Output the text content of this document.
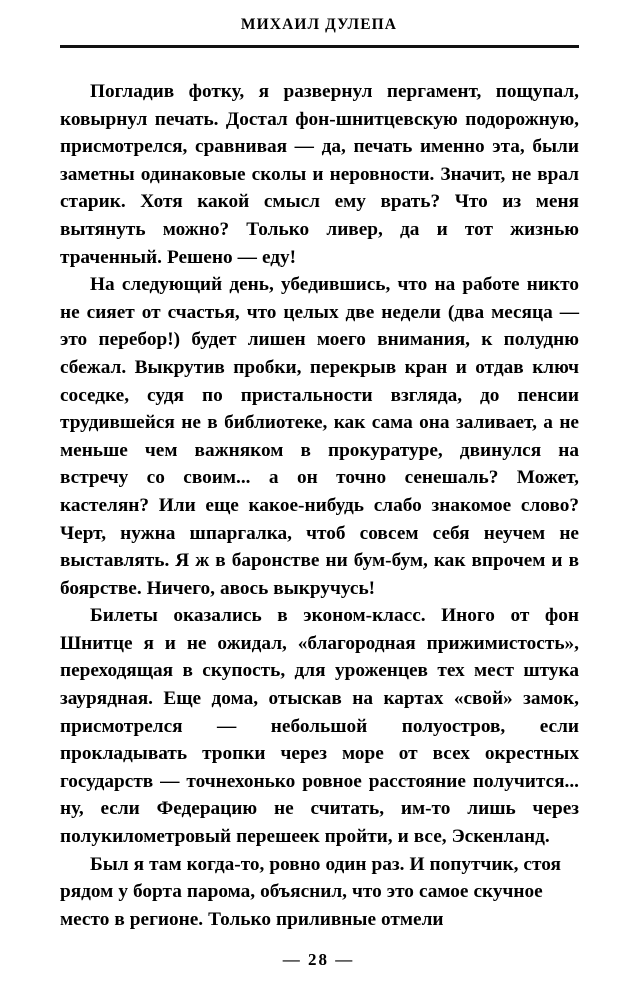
МИХАИЛ ДУЛЕПА

Погладив фотку, я развернул пергамент, пощупал, ковырнул печать. Достал фон-шнитцевскую подорожную, присмотрелся, сравнивая — да, печать именно эта, были заметны одинаковые сколы и неровности. Значит, не врал старик. Хотя какой смысл ему врать? Что из меня вытянуть можно? Только ливер, да и тот жизнью траченный. Решено — еду!

На следующий день, убедившись, что на работе никто не сияет от счастья, что целых две недели (два месяца — это перебор!) будет лишен моего внимания, к полудню сбежал. Выкрутив пробки, перекрыв кран и отдав ключ соседке, судя по пристальности взгляда, до пенсии трудившейся не в библиотеке, как сама она заливает, а не меньше чем важняком в прокуратуре, двинулся на встречу со своим... а он точно сенешаль? Может, кастелян? Или еще какое-нибудь слабо знакомое слово? Черт, нужна шпаргалка, чтоб совсем себя неучем не выставлять. Я ж в баронстве ни бум-бум, как впрочем и в боярстве. Ничего, авось выкручусь!

Билеты оказались в эконом-класс. Иного от фон Шнитце я и не ожидал, «благородная прижимистость», переходящая в скупость, для уроженцев тех мест штука заурядная. Еще дома, отыскав на картах «свой» замок, присмотрелся — небольшой полуостров, если прокладывать тропки через море от всех окрестных государств — точнехонько ровное расстояние получится... ну, если Федерацию не считать, им-то лишь через полукилометровый перешеек пройти, и все, Эскенланд.

Был я там когда-то, ровно один раз. И попутчик, стоя рядом у борта парома, объяснил, что это самое скучное место в регионе. Только приливные отмели

— 28 —
